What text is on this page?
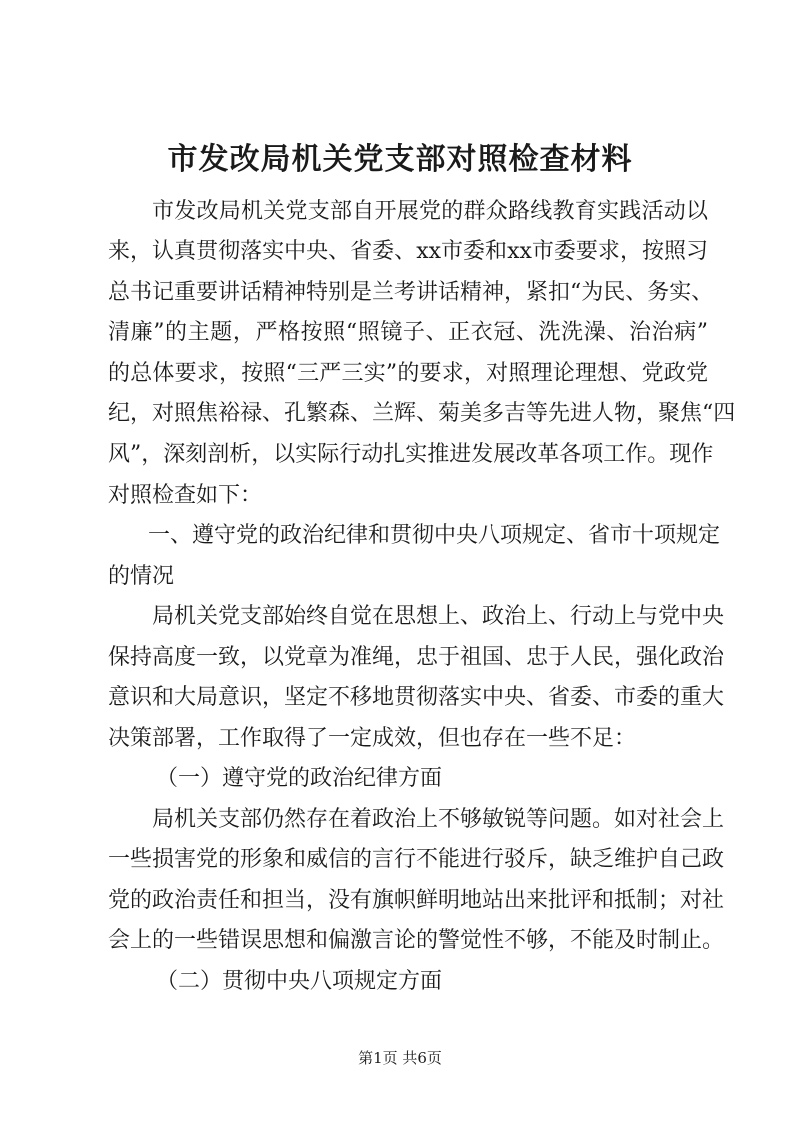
市发改局机关党支部对照检查材料

市发改局机关党支部自开展党的群众路线教育实践活动以

来，认真贯彻落实中央、省委、xx市委和xx市委要求，按照习

总书记重要讲话精神特别是兰考讲话精神，紧扣“为民、务实、

清廉”的主题，严格按照“照镜子、正衣冠、洗洗澡、治治病”

的总体要求，按照“三严三实”的要求，对照理论理想、党政党

纪，对照焦裕禄、孔繁森、兰辉、菊美多吉等先进人物，聚焦“四

风”，深刻剖析，以实际行动扎实推进发展改革各项工作。现作

对照检查如下：

一、遵守党的政治纪律和贯彻中央八项规定、省市十项规定

的情况

局机关党支部始终自觉在思想上、政治上、行动上与党中央

保持高度一致，以党章为准绳，忠于祖国、忠于人民，强化政治

意识和大局意识，坚定不移地贯彻落实中央、省委、市委的重大

决策部署，工作取得了一定成效，但也存在一些不足：

（一）遵守党的政治纪律方面

局机关支部仍然存在着政治上不够敏锐等问题。如对社会上

一些损害党的形象和威信的言行不能进行驳斥，缺乏维护自己政

党的政治责任和担当，没有旗帜鲜明地站出来批评和抵制；对社

会上的一些错误思想和偏激言论的警觉性不够，不能及时制止。

（二）贯彻中央八项规定方面

第1页 共6页
